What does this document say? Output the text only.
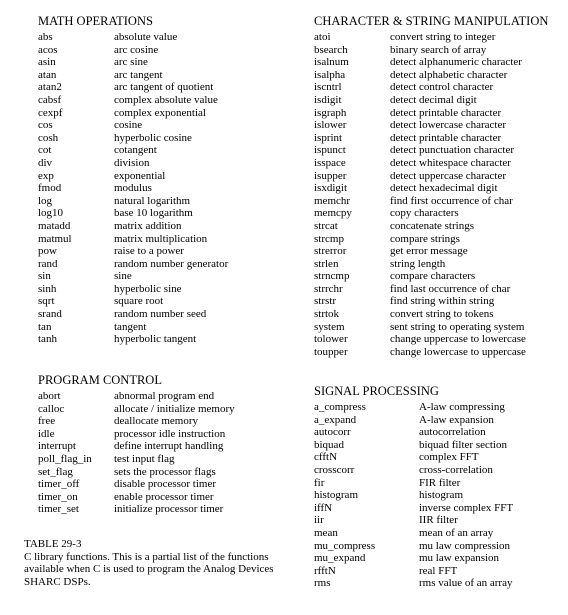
MATH OPERATIONS
abs	absolute value
acos	arc cosine
asin	arc sine
atan	arc tangent
atan2	arc tangent of quotient
cabsf	complex absolute value
cexpf	complex exponential
cos	cosine
cosh	hyperbolic cosine
cot	cotangent
div	division
exp	exponential
fmod	modulus
log	natural logarithm
log10	base 10 logarithm
matadd	matrix addition
matmul	matrix multiplication
pow	raise to a power
rand	random number generator
sin	sine
sinh	hyperbolic sine
sqrt	square root
srand	random number seed
tan	tangent
tanh	hyperbolic tangent
CHARACTER & STRING MANIPULATION
atoi	convert string to integer
bsearch	binary search of array
isalnum	detect alphanumeric character
isalpha	detect alphabetic character
iscntrl	detect control character
isdigit	detect decimal digit
isgraph	detect printable character
islower	detect lowercase character
isprint	detect printable character
ispunct	detect punctuation character
isspace	detect whitespace character
isupper	detect uppercase character
isxdigit	detect hexadecimal digit
memchr	find first occurrence of char
memcpy	copy characters
strcat	concatenate strings
strcmp	compare strings
strerror	get error message
strlen	string length
strncmp	compare characters
strrchr	find last occurrence of char
strstr	find string within string
strtok	convert string to tokens
system	sent string to operating system
tolower	change uppercase to lowercase
toupper	change lowercase to uppercase
PROGRAM CONTROL
abort	abnormal program end
calloc	allocate / initialize memory
free	deallocate memory
idle	processor idle instruction
interrupt	define interrupt handling
poll_flag_in	test input flag
set_flag	sets the processor flags
timer_off	disable processor timer
timer_on	enable processor timer
timer_set	initialize processor timer
SIGNAL PROCESSING
a_compress	A-law compressing
a_expand	A-law expansion
autocorr	autocorrelation
biquad	biquad filter section
cfftN	complex FFT
crosscorr	cross-correlation
fir	FIR filter
histogram	histogram
iffN	inverse complex FFT
iir	IIR filter
mean	mean of an array
mu_compress	mu law compression
mu_expand	mu law expansion
rfftN	real FFT
rms	rms value of an array
TABLE 29-3
C library functions. This is a partial list of the functions available when C is used to program the Analog Devices SHARC DSPs.
